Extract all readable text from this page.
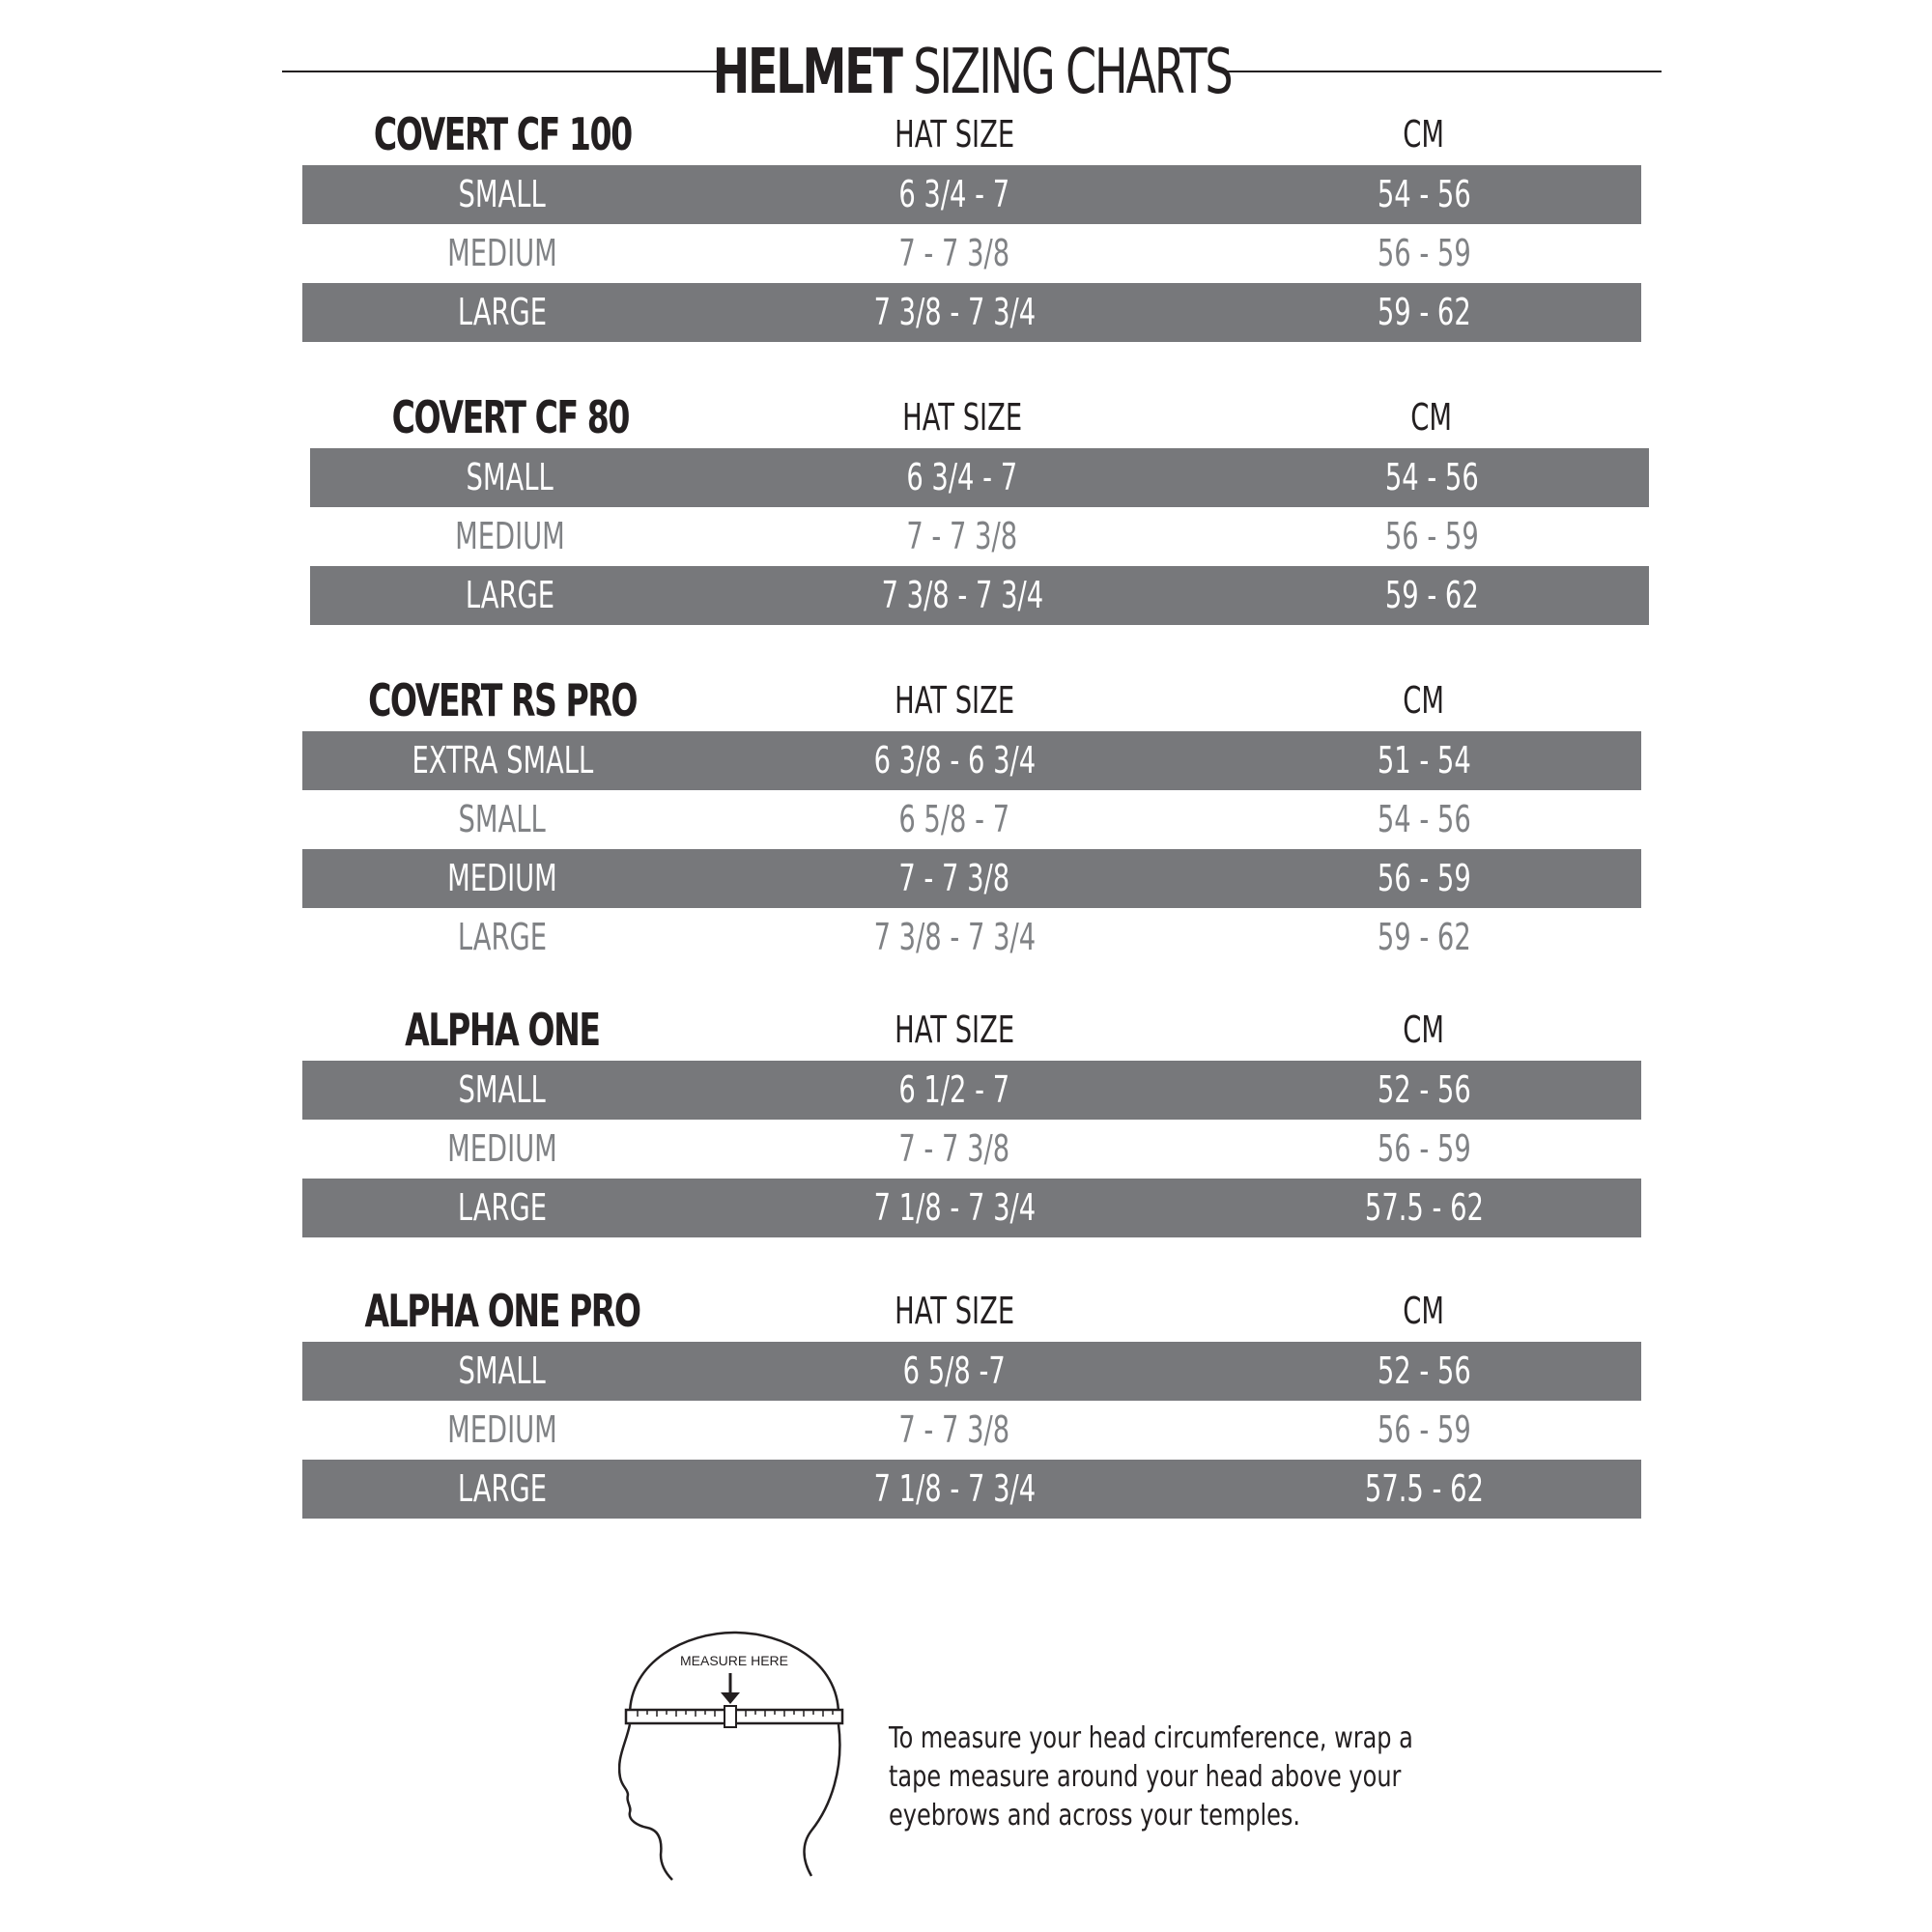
HELMET SIZING CHARTS
COVERT CF 100	HAT SIZE	CM
SMALL	6 3/4 - 7	54 - 56
MEDIUM	7 - 7 3/8	56 - 59
LARGE	7 3/8 - 7 3/4	59 - 62
COVERT CF 80	HAT SIZE	CM
SMALL	6 3/4 - 7	54 - 56
MEDIUM	7 - 7 3/8	56 - 59
LARGE	7 3/8 - 7 3/4	59 - 62
COVERT RS PRO	HAT SIZE	CM
EXTRA SMALL	6 3/8 - 6 3/4	51 - 54
SMALL	6 5/8 - 7	54 - 56
MEDIUM	7 - 7 3/8	56 - 59
LARGE	7 3/8 - 7 3/4	59 - 62
ALPHA ONE	HAT SIZE	CM
SMALL	6 1/2 - 7	52 - 56
MEDIUM	7 - 7 3/8	56 - 59
LARGE	7 1/8 - 7 3/4	57.5 - 62
ALPHA ONE PRO	HAT SIZE	CM
SMALL	6 5/8 -7	52 - 56
MEDIUM	7 - 7 3/8	56 - 59
LARGE	7 1/8 - 7 3/4	57.5 - 62
MEASURE HERE

To measure your head circumference, wrap a

tape measure around your head above your

eyebrows and across your temples.
